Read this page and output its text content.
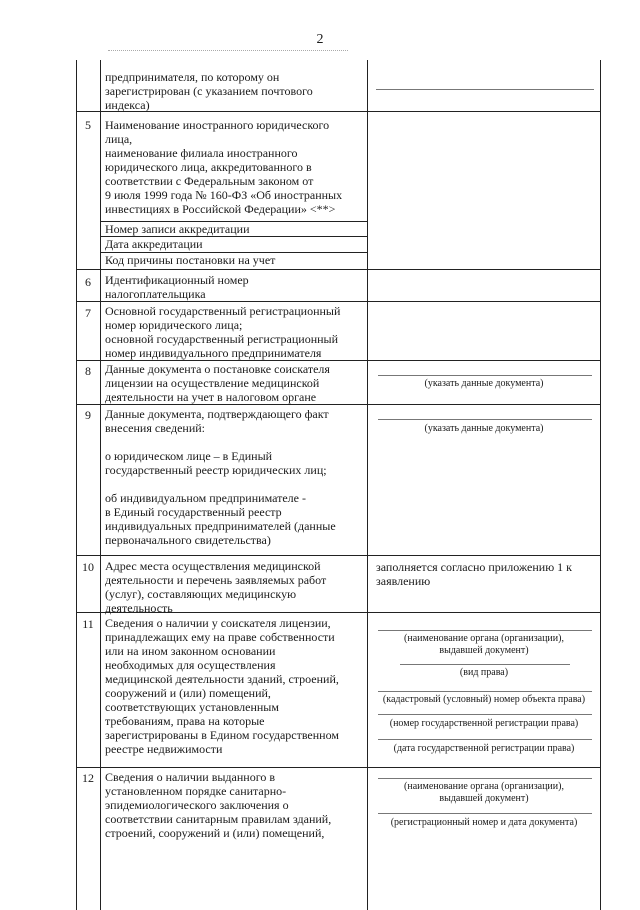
2
5
6
7
8
9
10
11
12
предпринимателя, по которому он
зарегистрирован (с указанием почтового
индекса)
Наименование иностранного юридического
лица,
наименование филиала иностранного
юридического лица, аккредитованного в
соответствии с Федеральным законом от
9 июля 1999 года № 160-ФЗ «Об иностранных
инвестициях в Российской Федерации» <**>
Номер записи аккредитации
Дата аккредитации
Код причины постановки на учет
Идентификационный номер
налогоплательщика
Основной государственный регистрационный
номер юридического лица;
основной государственный регистрационный
номер индивидуального предпринимателя
Данные документа о постановке соискателя
лицензии на осуществление медицинской
деятельности на учет в налоговом органе
Данные документа, подтверждающего факт
внесения сведений:

о юридическом лице – в Единый
государственный реестр юридических лиц;

об индивидуальном предпринимателе -
в Единый государственный реестр
индивидуальных предпринимателей (данные
первоначального свидетельства)
Адрес места осуществления медицинской
деятельности и перечень заявляемых работ
(услуг), составляющих медицинскую
деятельность
Сведения о наличии у соискателя лицензии,
принадлежащих ему на праве собственности
или на ином законном основании
необходимых для осуществления
медицинской деятельности зданий, строений,
сооружений и (или) помещений,
соответствующих установленным
требованиям, права на которые
зарегистрированы в Едином государственном
реестре недвижимости
Сведения о наличии выданного в
установленном порядке санитарно-
эпидемиологического заключения о
соответствии санитарным правилам зданий,
строений, сооружений и (или) помещений,
(указать данные документа)
(указать данные документа)
заполняется согласно приложению 1 к
заявлению
(наименование органа (организации),
выдавшей документ)
(вид права)
(кадастровый (условный) номер объекта права)
(номер государственной регистрации права)
(дата государственной регистрации права)
(наименование органа (организации),
выдавшей документ)
(регистрационный номер и дата документа)
